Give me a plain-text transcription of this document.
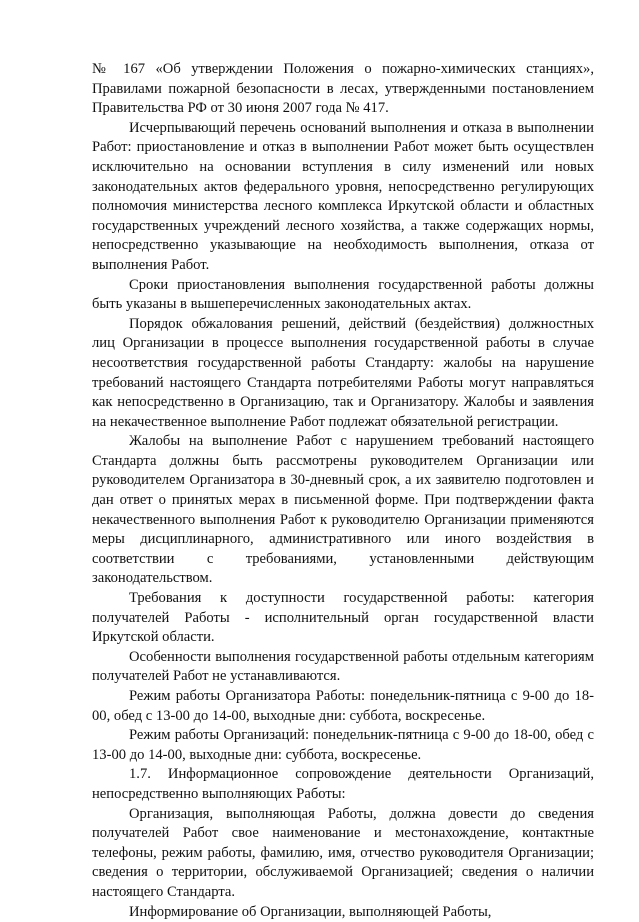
№ 167 «Об утверждении Положения о пожарно-химических станциях», Правилами пожарной безопасности в лесах, утвержденными постановлением Правительства РФ от 30 июня 2007 года № 417.

Исчерпывающий перечень оснований выполнения и отказа в выполнении Работ: приостановление и отказ в выполнении Работ может быть осуществлен исключительно на основании вступления в силу изменений или новых законодательных актов федерального уровня, непосредственно регулирующих полномочия министерства лесного комплекса Иркутской области и областных государственных учреждений лесного хозяйства, а также содержащих нормы, непосредственно указывающие на необходимость выполнения, отказа от выполнения Работ.

Сроки приостановления выполнения государственной работы должны быть указаны в вышеперечисленных законодательных актах.

Порядок обжалования решений, действий (бездействия) должностных лиц Организации в процессе выполнения государственной работы в случае несоответствия государственной работы Стандарту: жалобы на нарушение требований настоящего Стандарта потребителями Работы могут направляться как непосредственно в Организацию, так и Организатору. Жалобы и заявления на некачественное выполнение Работ подлежат обязательной регистрации.

Жалобы на выполнение Работ с нарушением требований настоящего Стандарта должны быть рассмотрены руководителем Организации или руководителем Организатора в 30-дневный срок, а их заявителю подготовлен и дан ответ о принятых мерах в письменной форме. При подтверждении факта некачественного выполнения Работ к руководителю Организации применяются меры дисциплинарного, административного или иного воздействия в соответствии с требованиями, установленными действующим законодательством.

Требования к доступности государственной работы: категория получателей Работы - исполнительный орган государственной власти Иркутской области.

Особенности выполнения государственной работы отдельным категориям получателей Работ не устанавливаются.

Режим работы Организатора Работы: понедельник-пятница с 9-00 до 18-00, обед с 13-00 до 14-00, выходные дни: суббота, воскресенье.

Режим работы Организаций: понедельник-пятница с 9-00 до 18-00, обед с 13-00 до 14-00, выходные дни: суббота, воскресенье.

1.7. Информационное сопровождение деятельности Организаций, непосредственно выполняющих Работы:

Организация, выполняющая Работы, должна довести до сведения получателей Работ свое наименование и местонахождение, контактные телефоны, режим работы, фамилию, имя, отчество руководителя Организации; сведения о территории, обслуживаемой Организацией; сведения о наличии настоящего Стандарта.

Информирование об Организации, выполняющей Работы,
